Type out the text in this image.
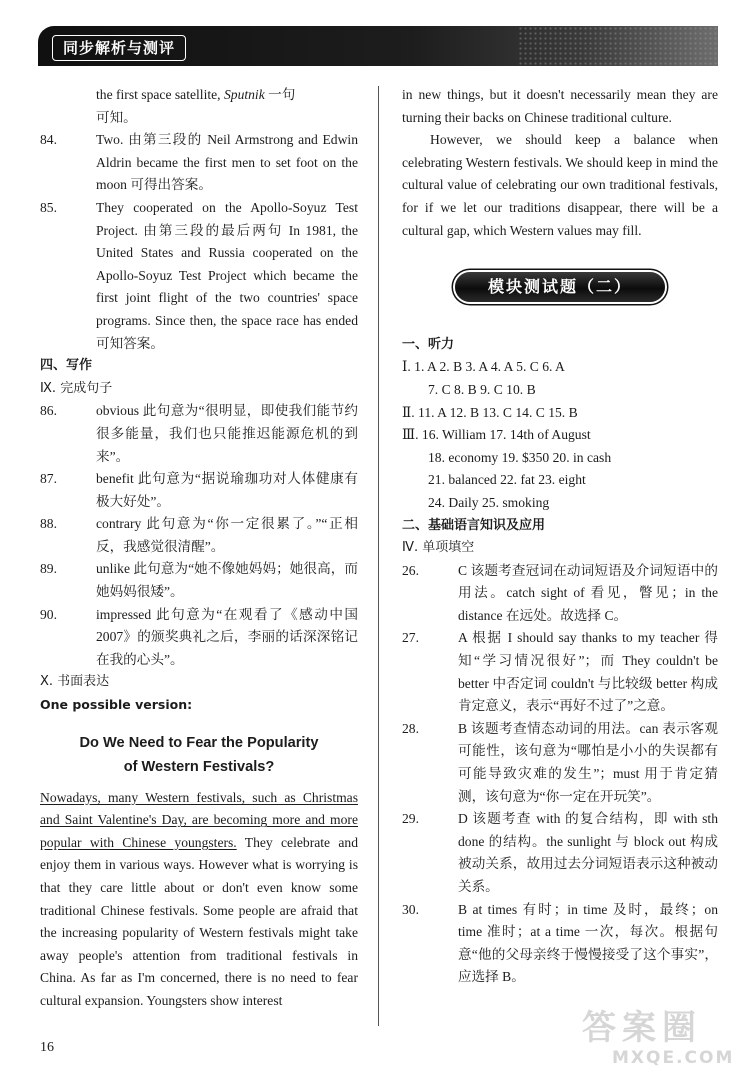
同步解析与测评

the first space satellite, Sputnik 一句

可知。

84.	Two. 由第三段的 Neil Armstrong and Edwin Aldrin became the first men to set foot on the moon 可得出答案。
85.	They cooperated on the Apollo-Soyuz Test Project. 由第三段的最后两句 In 1981, the United States and Russia cooperated on the Apollo-Soyuz Test Project which became the first joint flight of the two countries' space programs. Since then, the space race has ended可知答案。

四、写作

Ⅸ. 完成句子

86.	obvious 此句意为“很明显，即使我们能节约很多能量，我们也只能推迟能源危机的到来”。
87.	benefit 此句意为“据说瑜珈功对人体健康有极大好处”。
88.	contrary 此句意为“你一定很累了。”“正相反，我感觉很清醒”。
89.	unlike 此句意为“她不像她妈妈；她很高，而她妈妈很矮”。
90.	impressed 此句意为“在观看了《感动中国 2007》的颁奖典礼之后，李丽的话深深铭记在我的心头”。

Ⅹ. 书面表达

One possible version:

Do We Need to Fear the Popularity
of Western Festivals?

Nowadays, many Western festivals, such as Christmas and Saint Valentine's Day, are becoming more and more popular with Chinese youngsters. They celebrate and enjoy them in various ways. However what is worrying is that they care little about or don't even know some traditional Chinese festivals. Some people are afraid that the increasing popularity of Western festivals might take away people's attention from traditional festivals in China. As far as I'm concerned, there is no need to fear cultural expansion. Youngsters show interest

in new things, but it doesn't necessarily mean they are turning their backs on Chinese traditional culture.

However, we should keep a balance when celebrating Western festivals. We should keep in mind the cultural value of celebrating our own traditional festivals, for if we let our traditions disappear, there will be a cultural gap, which Western values may fill.

模块测试题（二）

一、听力

Ⅰ. 1. A 2. B 3. A 4. A 5. C 6. A

7. C 8. B 9. C 10. B

Ⅱ. 11. A 12. B 13. C 14. C 15. B

Ⅲ. 16. William 17. 14th of August

18. economy 19. $350 20. in cash

21. balanced 22. fat 23. eight

24. Daily 25. smoking

二、基础语言知识及应用

Ⅳ. 单项填空

26.	C 该题考查冠词在动词短语及介词短语中的用法。catch sight of 看见，瞥见；in the distance 在远处。故选择 C。
27.	A 根据 I should say thanks to my teacher 得知“学习情况很好”；而 They couldn't be better 中否定词 couldn't 与比较级 better 构成肯定意义，表示“再好不过了”之意。
28.	B 该题考查情态动词的用法。can 表示客观可能性，该句意为“哪怕是小小的失误都有可能导致灾难的发生”；must 用于肯定猜测，该句意为“你一定在开玩笑”。
29.	D 该题考查 with 的复合结构，即 with sth done 的结构。the sunlight 与 block out 构成被动关系，故用过去分词短语表示这种被动关系。
30.	B at times 有时；in time 及时，最终；on time 准时；at a time 一次，每次。根据句意“他的父母亲终于慢慢接受了这个事实”，应选择 B。
16	答案圈
MXQE.COM
